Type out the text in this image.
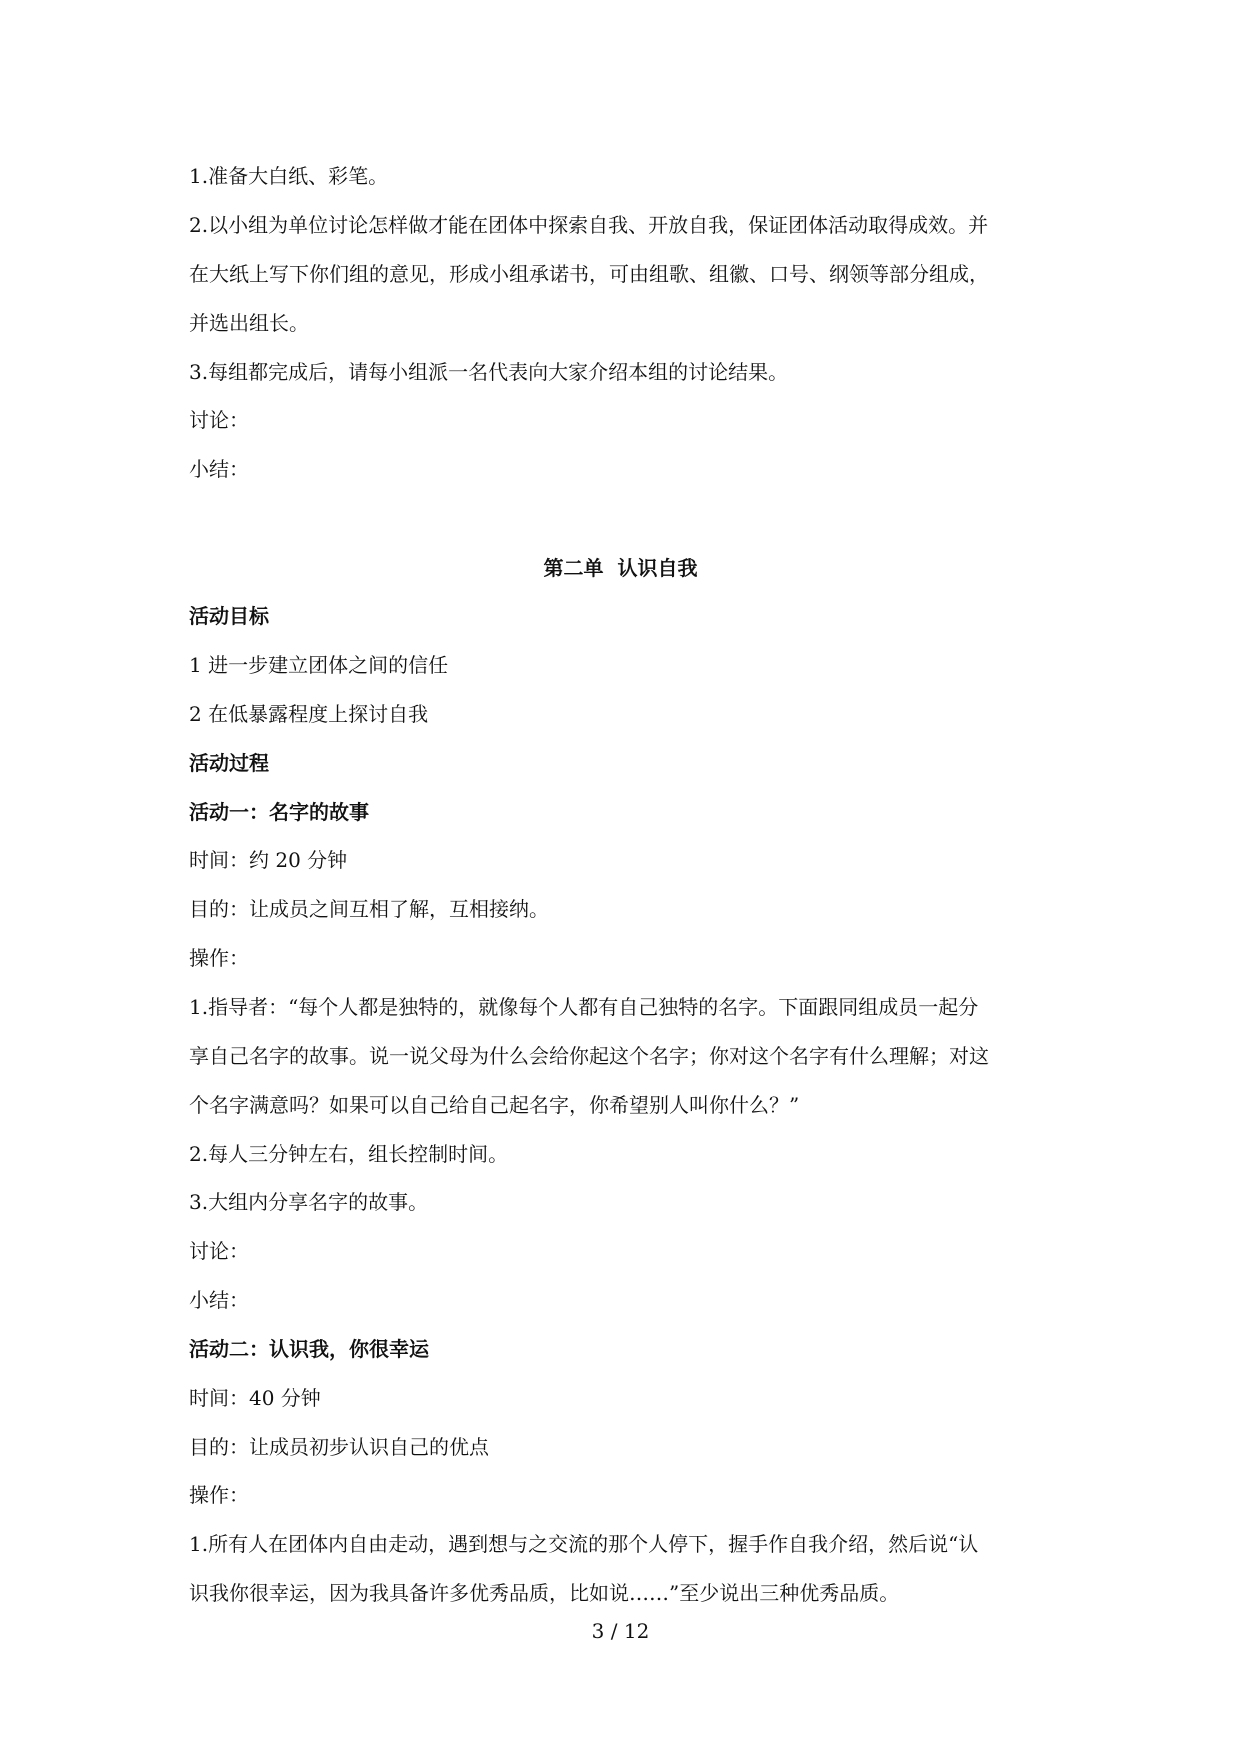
1.准备大白纸、彩笔。

2.以小组为单位讨论怎样做才能在团体中探索自我、开放自我，保证团体活动取得成效。并

在大纸上写下你们组的意见，形成小组承诺书，可由组歌、组徽、口号、纲领等部分组成，

并选出组长。

3.每组都完成后，请每小组派一名代表向大家介绍本组的讨论结果。

讨论：

小结：

第二单  认识自我

活动目标

1 进一步建立团体之间的信任

2 在低暴露程度上探讨自我

活动过程

活动一：名字的故事

时间：约 20 分钟

目的：让成员之间互相了解，互相接纳。

操作：

1.指导者：“每个人都是独特的，就像每个人都有自己独特的名字。下面跟同组成员一起分

享自己名字的故事。说一说父母为什么会给你起这个名字；你对这个名字有什么理解；对这

个名字满意吗？如果可以自己给自己起名字，你希望别人叫你什么？”

2.每人三分钟左右，组长控制时间。

3.大组内分享名字的故事。

讨论：

小结：

活动二：认识我，你很幸运

时间：40 分钟

目的：让成员初步认识自己的优点

操作：

1.所有人在团体内自由走动，遇到想与之交流的那个人停下，握手作自我介绍，然后说“认

识我你很幸运，因为我具备许多优秀品质，比如说……”至少说出三种优秀品质。

3 / 12
